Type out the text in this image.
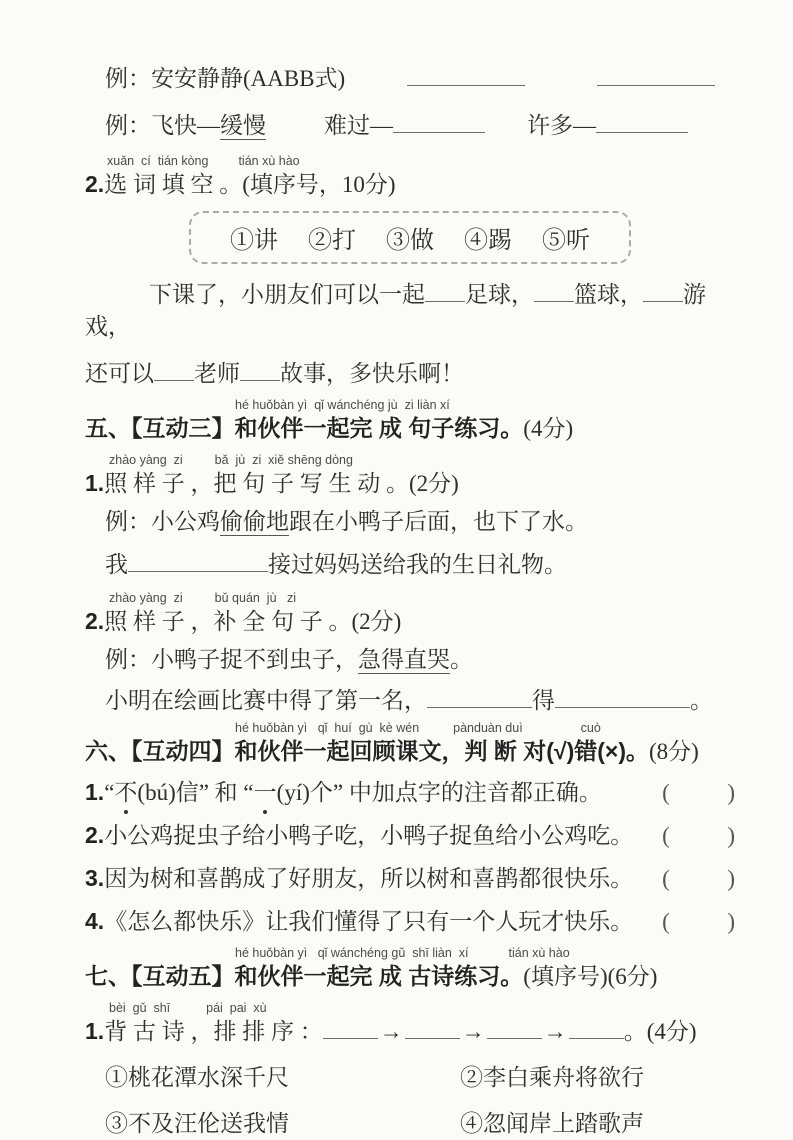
例：安安静静(AABB式)
例：飞快—缓慢	难过—	许多—
xuǎn  cí  tián kòng tián xù hào
2.选 词 填 空 。(填序号，10分)
①讲 ②打 ③做 ④踢 ⑤听
下课了，小朋友们可以一起 足球， 篮球， 游戏，
还可以 老师 故事，多快乐啊！
hé huǒbàn yì  qǐ wánchéng jù  zi liàn xí
五、【互动三】和伙伴一起完 成 句子练习。(4分)
zhào yàng  zi	bǎ  jù  zi  xiě shēng dòng
1.照 样 子 ，把 句 子 写 生 动 。(2分)
例：小公鸡偷偷地跟在小鸭子后面，也下了水。
我	接过妈妈送给我的生日礼物。
zhào yàng  zi	bǔ quán  jù   zi
2.照 样 子 ，补 全 句 子 。(2分)
例：小鸭子捉不到虫子，急得直哭。
小明在绘画比赛中得了第一名，	得	。
hé huǒbàn yì   qǐ  huí  gù  kè wén	pànduàn duì	cuò
六、【互动四】和伙伴一起回顾课文，判 断 对(√)错(×)。(8分)
1.“不(bú)信” 和 “一(yí)个” 中加点字的注音都正确。	(          )
2.小公鸡捉虫子给小鸭子吃，小鸭子捉鱼给小公鸡吃。 (          )
3.因为树和喜鹊成了好朋友，所以树和喜鹊都很快乐。 (          )
4.《怎么都快乐》让我们懂得了只有一个人玩才快乐。 (          )
hé huǒbàn yì   qǐ wánchéng gǔ  shī liàn  xí	tián xù hào
七、【互动五】和伙伴一起完 成 古诗练习。(填序号)(6分)
bèi  gǔ  shī	pái  pai  xù
1.背 古 诗 ，排 排 序 ： →	→	→ 。(4分)
①桃花潭水深千尺	②李白乘舟将欲行
③不及汪伦送我情	④忽闻岸上踏歌声
